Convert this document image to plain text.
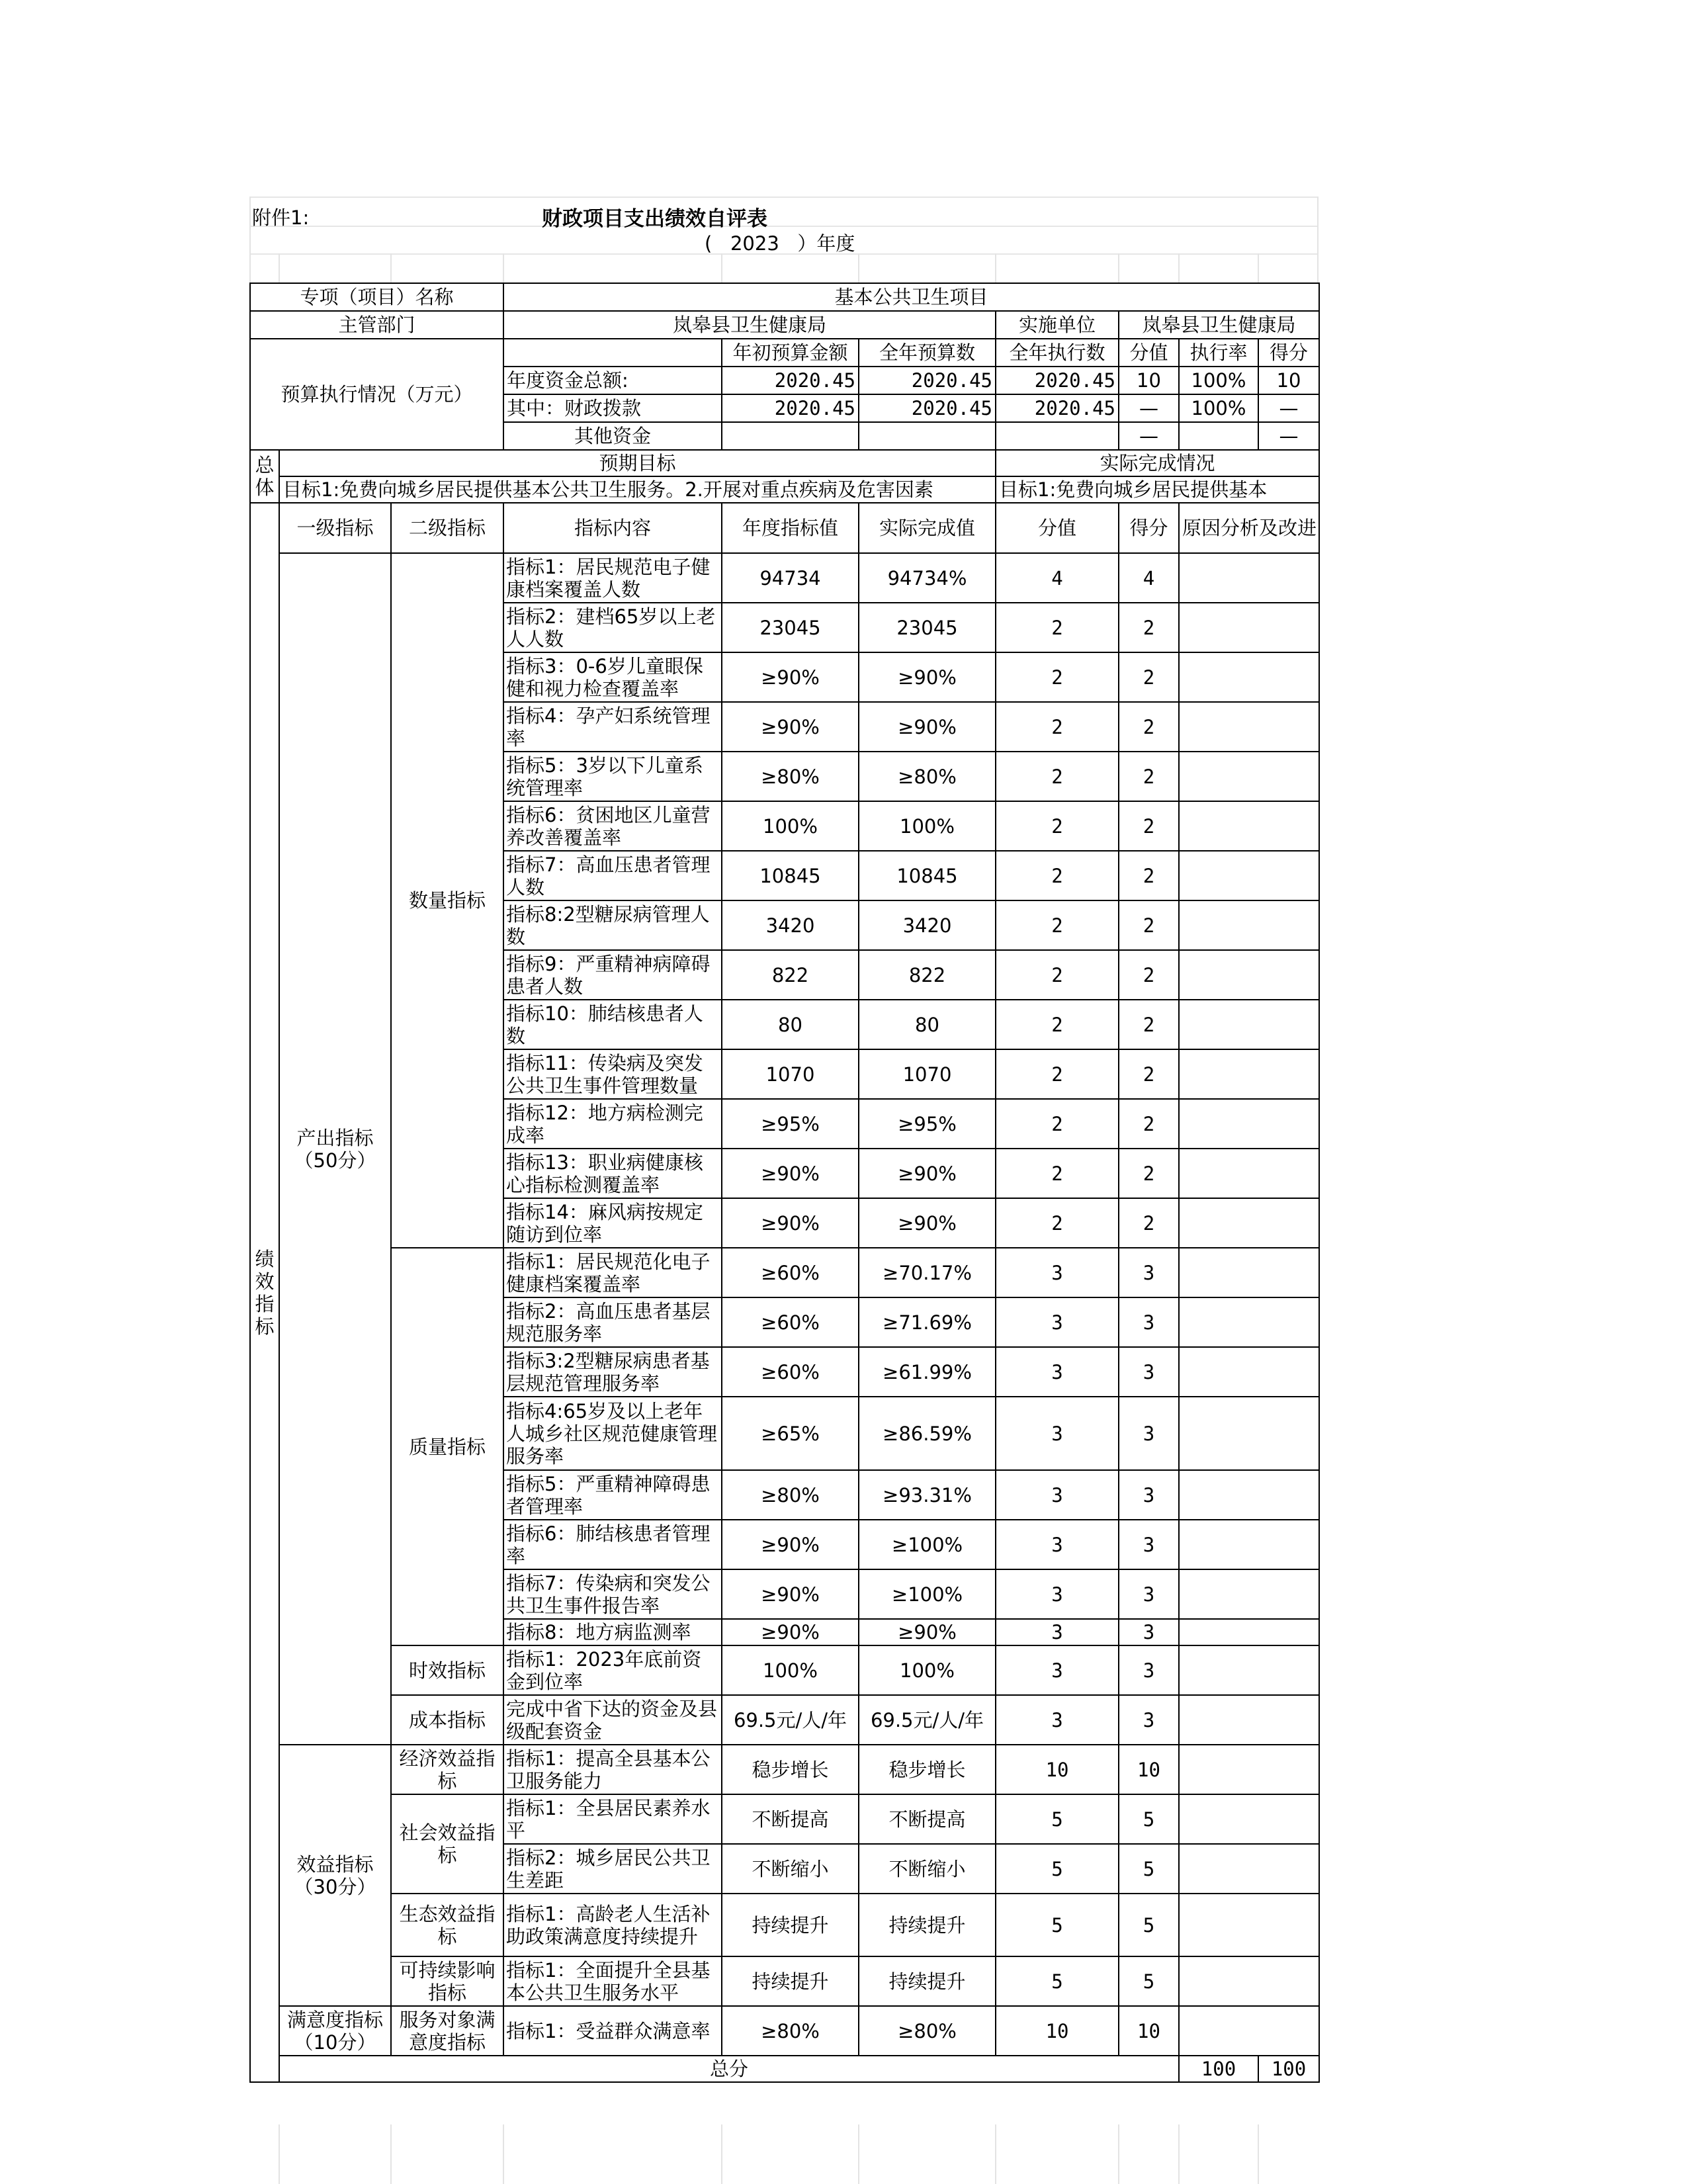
附件1:	财政项目支出绩效自评表
(   2023   ）年度
专项（项目）名称			基本公共卫生项目							
主管部门			岚皋县卫生健康局			实施单位	岚皋县卫生健康局			
预算执行情况（万元）				年初预算金额	全年预算数	全年执行数	分值	执行率	得分	
			年度资金总额:	2020.45	2020.45	2020.45	10	100%	10	
			其中：财政拨款	2020.45	2020.45	2020.45	—	100%	—	
			其他资金				—		—	
总体	预期目标					实际完成情况				
	目标1:免费向城乡居民提供基本公共卫生服务。2.开展对重点疾病及危害因素					目标1:免费向城乡居民提供基本				
绩效指标	一级指标	二级指标	指标内容	年度指标值	实际完成值	分值	得分	原因分析及改进		
	产出指标（50分）	数量指标	指标1：居民规范电子健康档案覆盖人数	94734	94734%	4	4			
			指标2：建档65岁以上老人人数	23045	23045	2	2			
			指标3：0-6岁儿童眼保健和视力检查覆盖率	≥90%	≥90%	2	2			
			指标4：孕产妇系统管理率	≥90%	≥90%	2	2			
			指标5：3岁以下儿童系统管理率	≥80%	≥80%	2	2			
			指标6：贫困地区儿童营养改善覆盖率	100%	100%	2	2			
			指标7：高血压患者管理人数	10845	10845	2	2			
			指标8:2型糖尿病管理人数	3420	3420	2	2			
			指标9：严重精神病障碍患者人数	822	822	2	2			
			指标10：肺结核患者人数	80	80	2	2			
			指标11：传染病及突发公共卫生事件管理数量	1070	1070	2	2			
			指标12：地方病检测完成率	≥95%	≥95%	2	2			
			指标13：职业病健康核心指标检测覆盖率	≥90%	≥90%	2	2			
			指标14：麻风病按规定随访到位率	≥90%	≥90%	2	2			
		质量指标	指标1：居民规范化电子健康档案覆盖率	≥60%	≥70.17%	3	3			
			指标2：高血压患者基层规范服务率	≥60%	≥71.69%	3	3			
			指标3:2型糖尿病患者基层规范管理服务率	≥60%	≥61.99%	3	3			
			指标4:65岁及以上老年人城乡社区规范健康管理服务率	≥65%	≥86.59%	3	3			
			指标5：严重精神障碍患者管理率	≥80%	≥93.31%	3	3			
			指标6：肺结核患者管理率	≥90%	≥100%	3	3			
			指标7：传染病和突发公共卫生事件报告率	≥90%	≥100%	3	3			
			指标8：地方病监测率	≥90%	≥90%	3	3			
		时效指标	指标1：2023年底前资金到位率	100%	100%	3	3			
		成本指标	完成中省下达的资金及县级配套资金	69.5元/人/年	69.5元/人/年	3	3			
	效益指标（30分）	经济效益指标	指标1：提高全县基本公卫服务能力	稳步增长	稳步增长	10	10			
		社会效益指标	指标1：全县居民素养水平	不断提高	不断提高	5	5			
			指标2：城乡居民公共卫生差距	不断缩小	不断缩小	5	5			
		生态效益指标	指标1：高龄老人生活补助政策满意度持续提升	持续提升	持续提升	5	5			
		可持续影响指标	指标1：全面提升全县基本公共卫生服务水平	持续提升	持续提升	5	5			
	满意度指标（10分）	服务对象满意度指标	指标1：受益群众满意率	≥80%	≥80%	10	10			
	总分							100	100	
